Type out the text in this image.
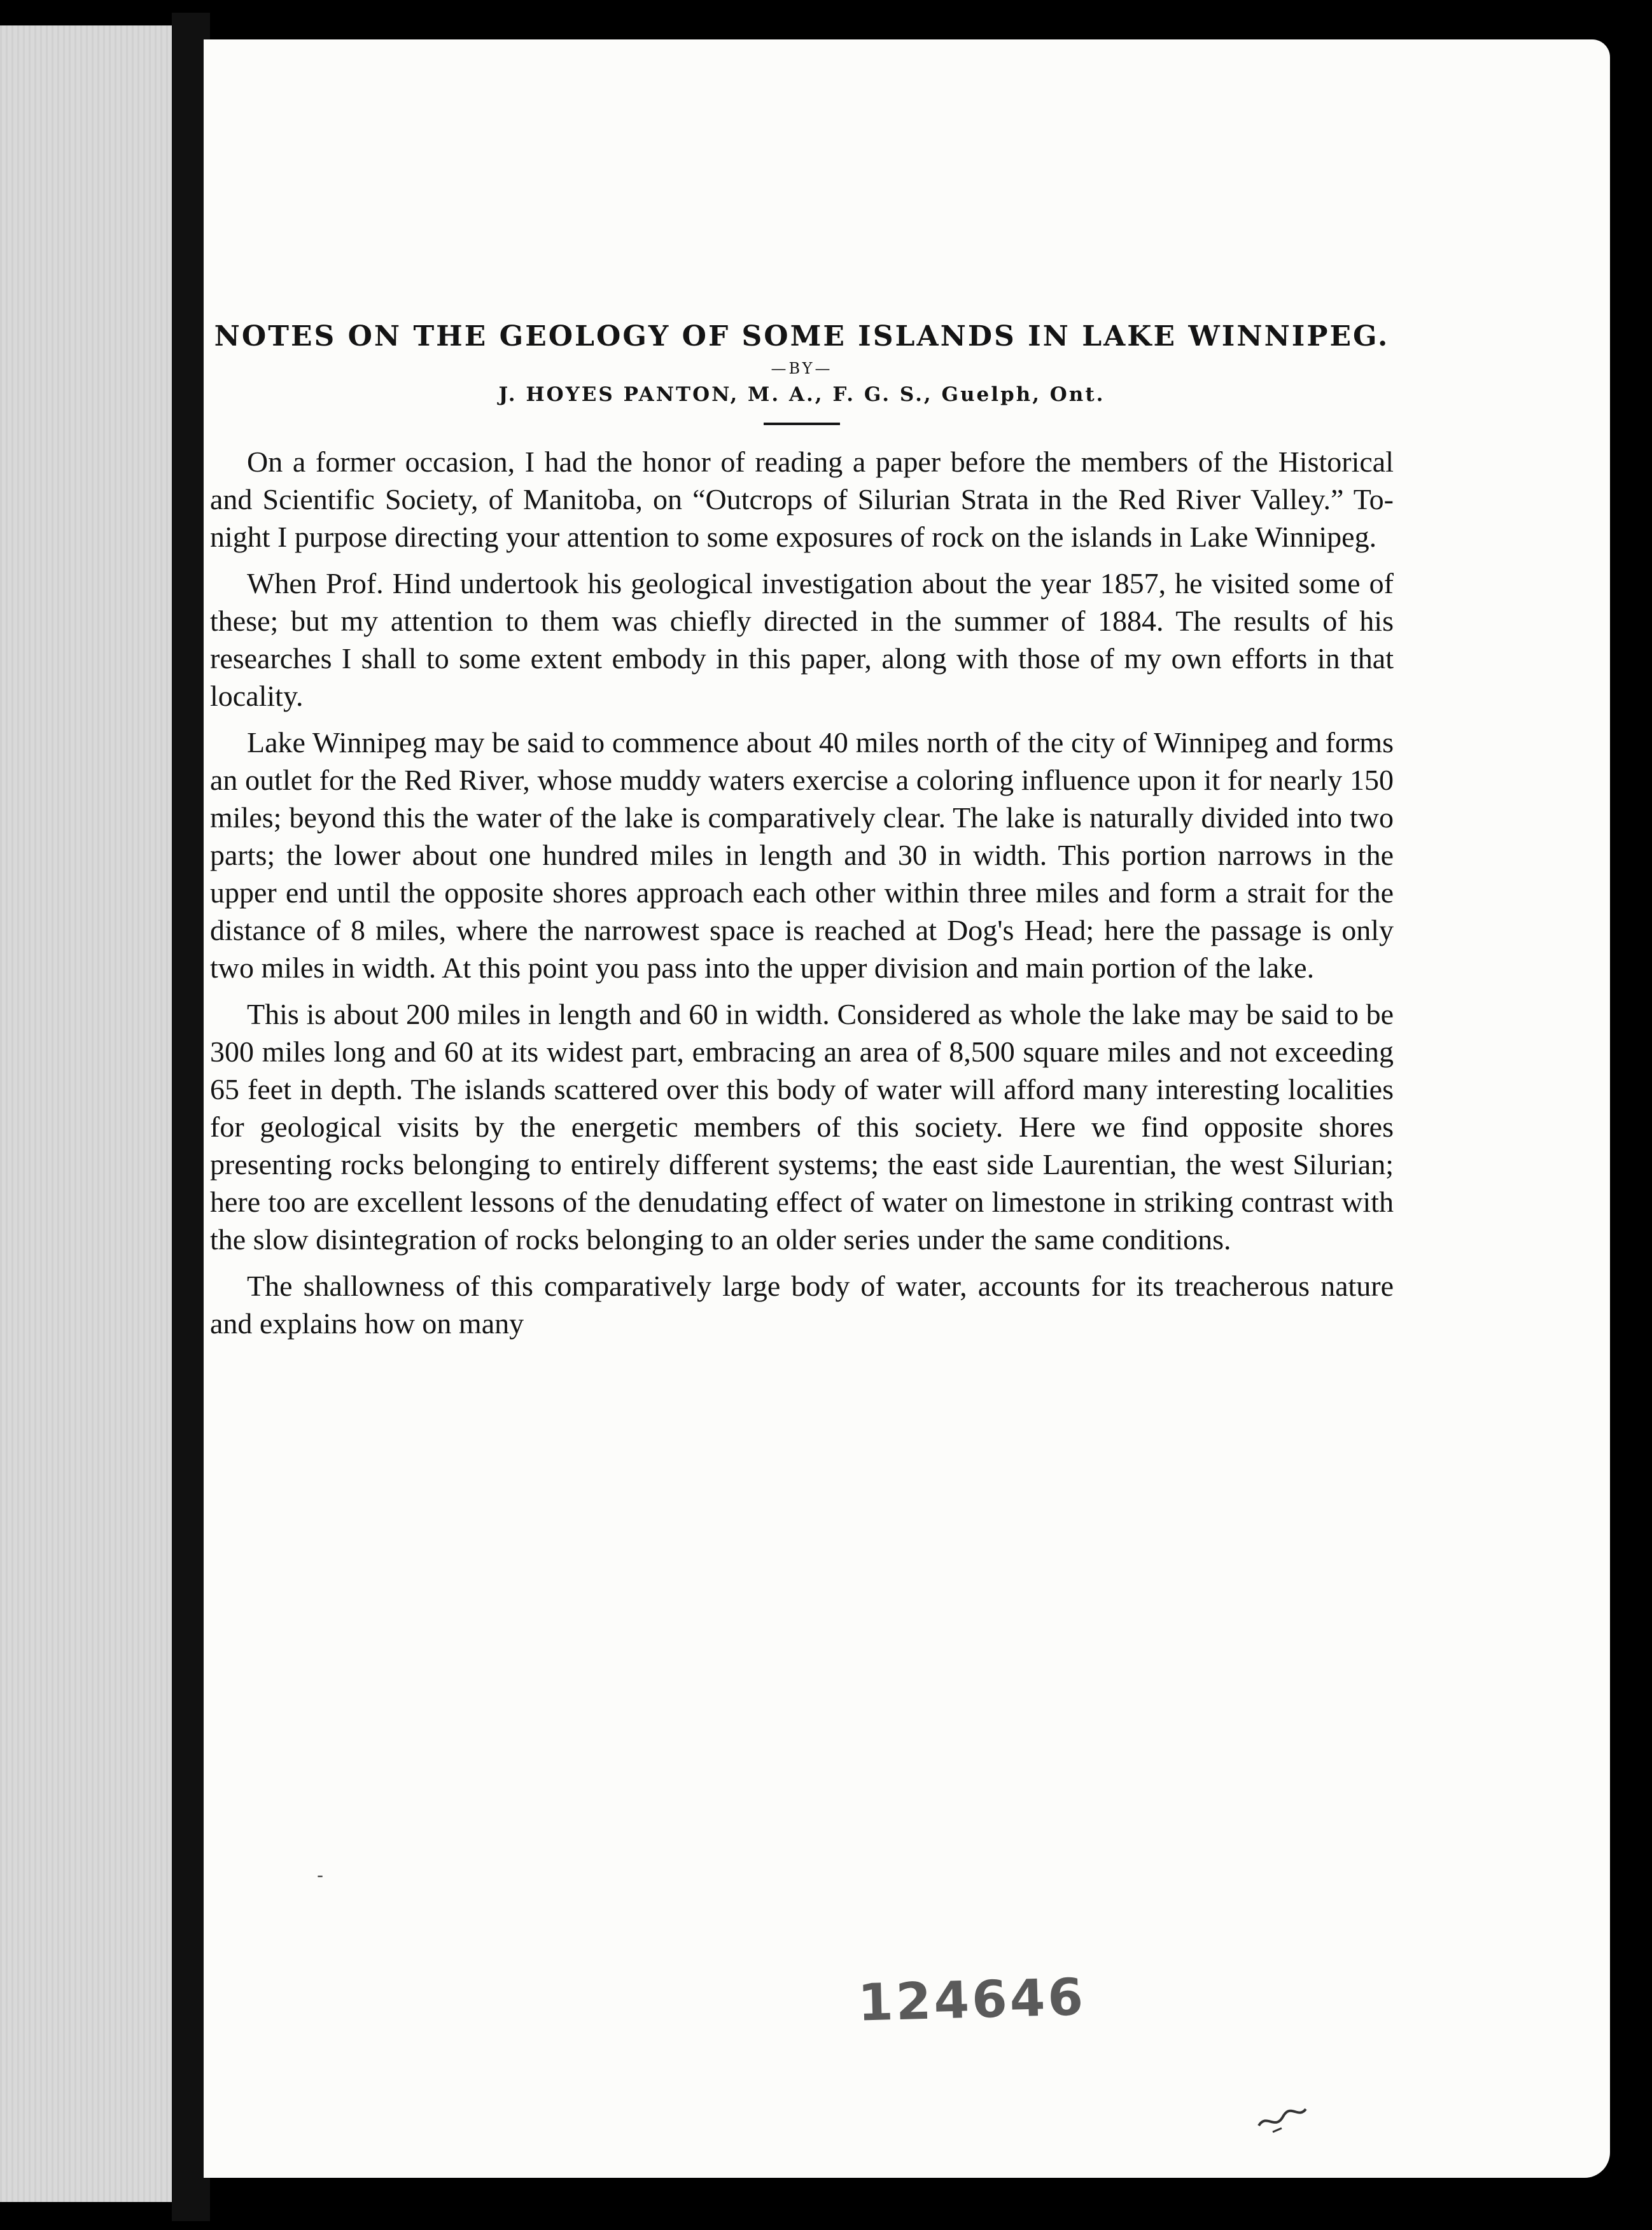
NOTES ON THE GEOLOGY OF SOME ISLANDS IN LAKE WINNIPEG.
—BY—
J. HOYES PANTON, M. A., F. G. S., Guelph, Ont.

On a former occasion, I had the honor of reading a paper before the members of the Historical and Scientific Society, of Manitoba, on “Outcrops of Silurian Strata in the Red River Valley.” To-night I purpose directing your attention to some exposures of rock on the islands in Lake Winnipeg.

When Prof. Hind undertook his geological investigation about the year 1857, he visited some of these; but my attention to them was chiefly directed in the summer of 1884. The results of his researches I shall to some extent embody in this paper, along with those of my own efforts in that locality.

Lake Winnipeg may be said to commence about 40 miles north of the city of Winnipeg and forms an outlet for the Red River, whose muddy waters exercise a coloring influence upon it for nearly 150 miles; beyond this the water of the lake is comparatively clear. The lake is naturally divided into two parts; the lower about one hundred miles in length and 30 in width. This portion narrows in the upper end until the opposite shores approach each other within three miles and form a strait for the distance of 8 miles, where the narrowest space is reached at Dog's Head; here the passage is only two miles in width. At this point you pass into the upper division and main portion of the lake.

This is about 200 miles in length and 60 in width. Considered as whole the lake may be said to be 300 miles long and 60 at its widest part, embracing an area of 8,500 square miles and not exceeding 65 feet in depth. The islands scattered over this body of water will afford many interesting localities for geological visits by the energetic members of this society. Here we find opposite shores presenting rocks belonging to entirely different systems; the east side Laurentian, the west Silurian; here too are excellent lessons of the denudating effect of water on limestone in striking contrast with the slow disintegration of rocks belonging to an older series under the same conditions.

The shallowness of this comparatively large body of water, accounts for its treacherous nature and explains how on many

-
124646
